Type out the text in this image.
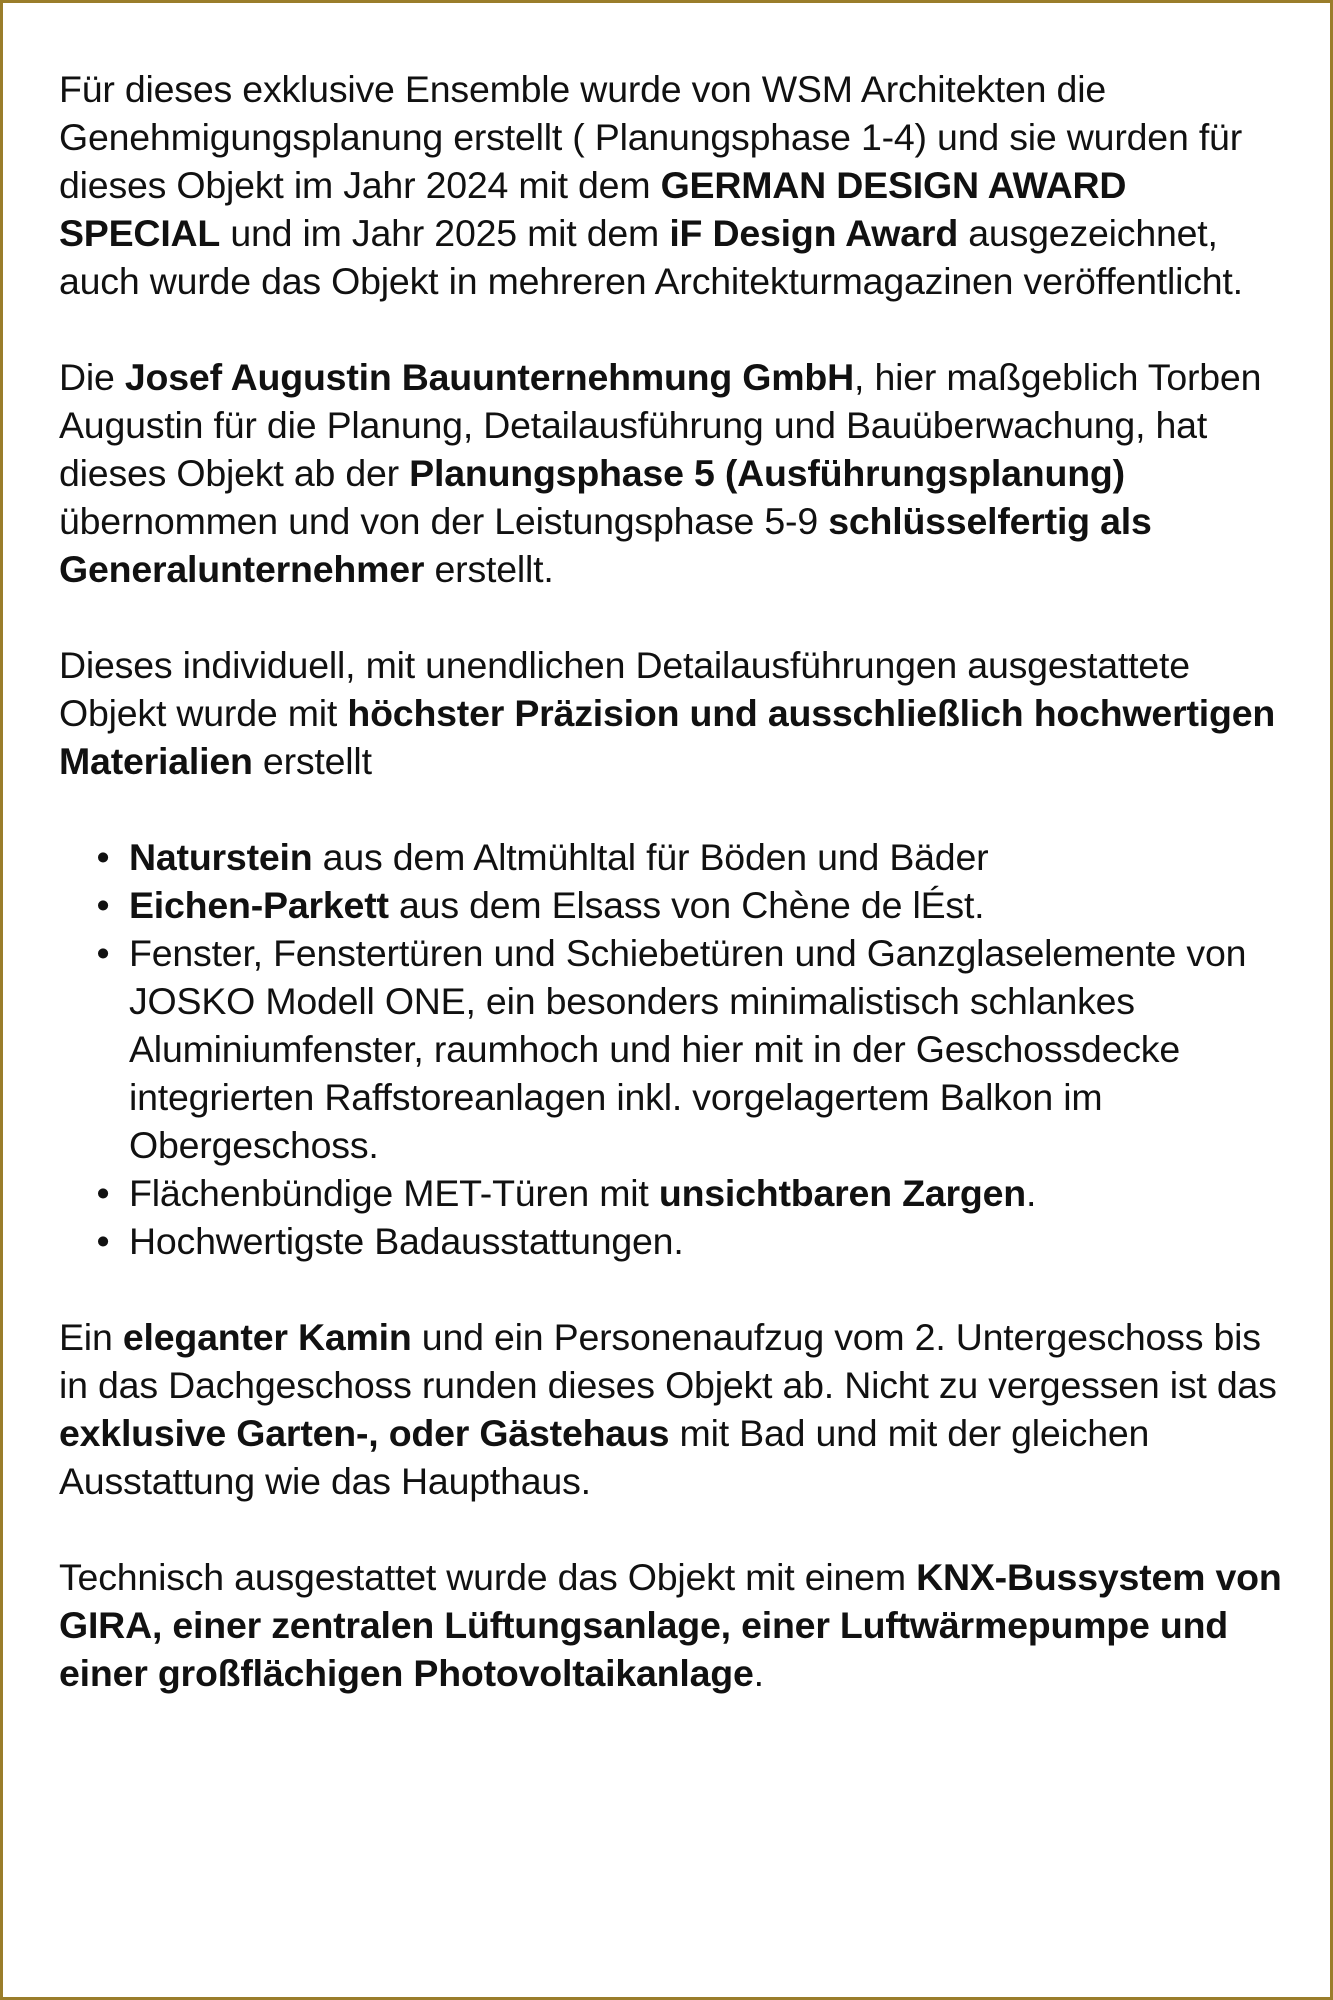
Für dieses exklusive Ensemble wurde von WSM Architekten die Genehmigungsplanung erstellt ( Planungsphase 1-4) und sie wurden für dieses Objekt im Jahr 2024 mit dem GERMAN DESIGN AWARD SPECIAL und im Jahr 2025 mit dem iF Design Award ausgezeichnet, auch wurde das Objekt in mehreren Architekturmagazinen veröffentlicht.

Die Josef Augustin Bauunternehmung GmbH, hier maßgeblich Torben Augustin für die Planung, Detailausführung und Bauüberwachung, hat dieses Objekt ab der Planungsphase 5 (Ausführungsplanung) übernommen und von der Leistungsphase 5-9 schlüsselfertig als Generalunternehmer erstellt.

Dieses individuell, mit unendlichen Detailausführungen ausgestattete Objekt wurde mit höchster Präzision und ausschließlich hochwertigen Materialien erstellt

• Naturstein aus dem Altmühltal für Böden und Bäder
• Eichen-Parkett aus dem Elsass von Chène de lÉst.
• Fenster, Fenstertüren und Schiebetüren und Ganzglaselemente von JOSKO Modell ONE, ein besonders minimalistisch schlankes Aluminiumfenster, raumhoch und hier mit in der Geschossdecke integrierten Raffstoreanlagen inkl. vorgelagertem Balkon im Obergeschoss.
• Flächenbündige MET-Türen mit unsichtbaren Zargen.
• Hochwertigste Badausstattungen.

Ein eleganter Kamin und ein Personenaufzug vom 2. Untergeschoss bis in das Dachgeschoss runden dieses Objekt ab. Nicht zu vergessen ist das exklusive Garten-, oder Gästehaus mit Bad und mit der gleichen Ausstattung wie das Haupthaus.

Technisch ausgestattet wurde das Objekt mit einem KNX-Bussystem von GIRA, einer zentralen Lüftungsanlage, einer Luftwärmepumpe und einer großflächigen Photovoltaikanlage.
